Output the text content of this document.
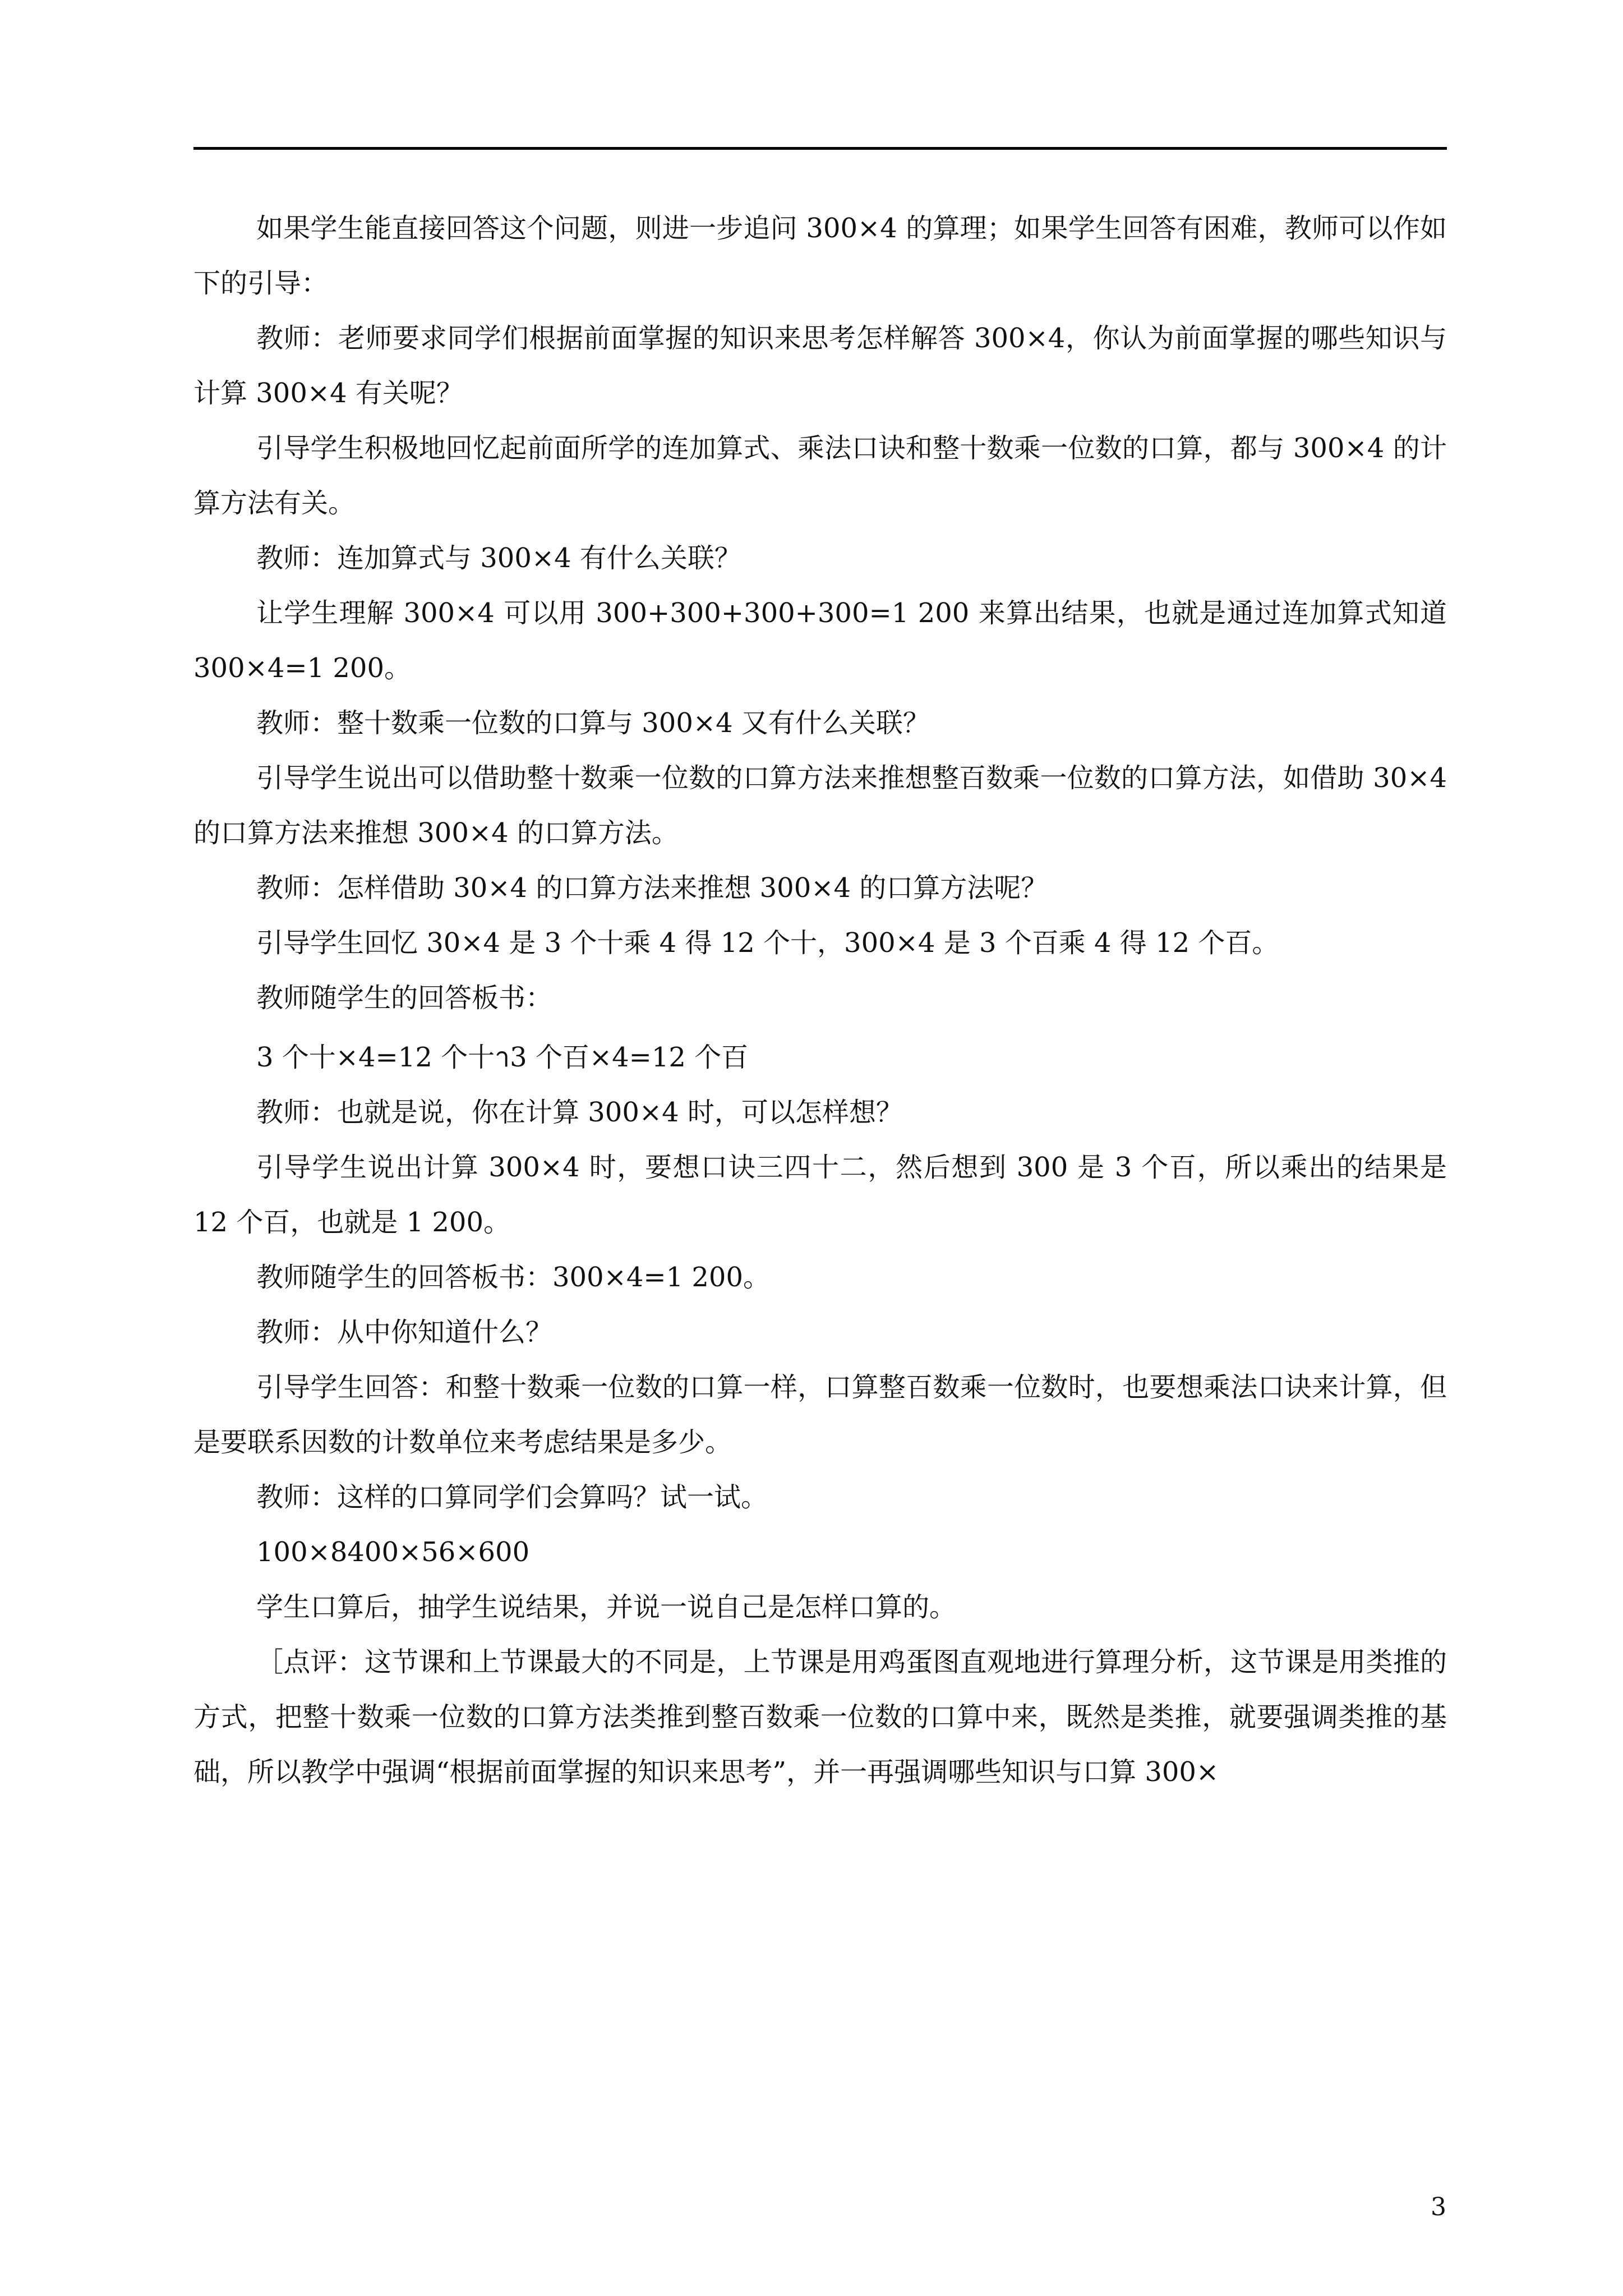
如果学生能直接回答这个问题，则进一步追问 300×4 的算理；如果学生回答有困难，教师可以作如下的引导：

教师：老师要求同学们根据前面掌握的知识来思考怎样解答 300×4，你认为前面掌握的哪些知识与计算 300×4 有关呢？

引导学生积极地回忆起前面所学的连加算式、乘法口诀和整十数乘一位数的口算，都与 300×4 的计算方法有关。

教师：连加算式与 300×4 有什么关联？

让学生理解 300×4 可以用 300+300+300+300=1 200 来算出结果，也就是通过连加算式知道 300×4=1 200。

教师：整十数乘一位数的口算与 300×4 又有什么关联？

引导学生说出可以借助整十数乘一位数的口算方法来推想整百数乘一位数的口算方法，如借助 30×4 的口算方法来推想 300×4 的口算方法。

教师：怎样借助 30×4 的口算方法来推想 300×4 的口算方法呢？

引导学生回忆 30×4 是 3 个十乘 4 得 12 个十，300×4 是 3 个百乘 4 得 12 个百。

教师随学生的回答板书：

3 个十×4=12 个十า3 个百×4=12 个百

教师：也就是说，你在计算 300×4 时，可以怎样想？

引导学生说出计算 300×4 时，要想口诀三四十二，然后想到 300 是 3 个百，所以乘出的结果是 12 个百，也就是 1 200。

教师随学生的回答板书：300×4=1 200。

教师：从中你知道什么？

引导学生回答：和整十数乘一位数的口算一样，口算整百数乘一位数时，也要想乘法口诀来计算，但是要联系因数的计数单位来考虑结果是多少。

教师：这样的口算同学们会算吗？试一试。

100×8400×56×600

学生口算后，抽学生说结果，并说一说自己是怎样口算的。

［点评：这节课和上节课最大的不同是，上节课是用鸡蛋图直观地进行算理分析，这节课是用类推的方式，把整十数乘一位数的口算方法类推到整百数乘一位数的口算中来，既然是类推，就要强调类推的基础，所以教学中强调“根据前面掌握的知识来思考”，并一再强调哪些知识与口算 300×

3
